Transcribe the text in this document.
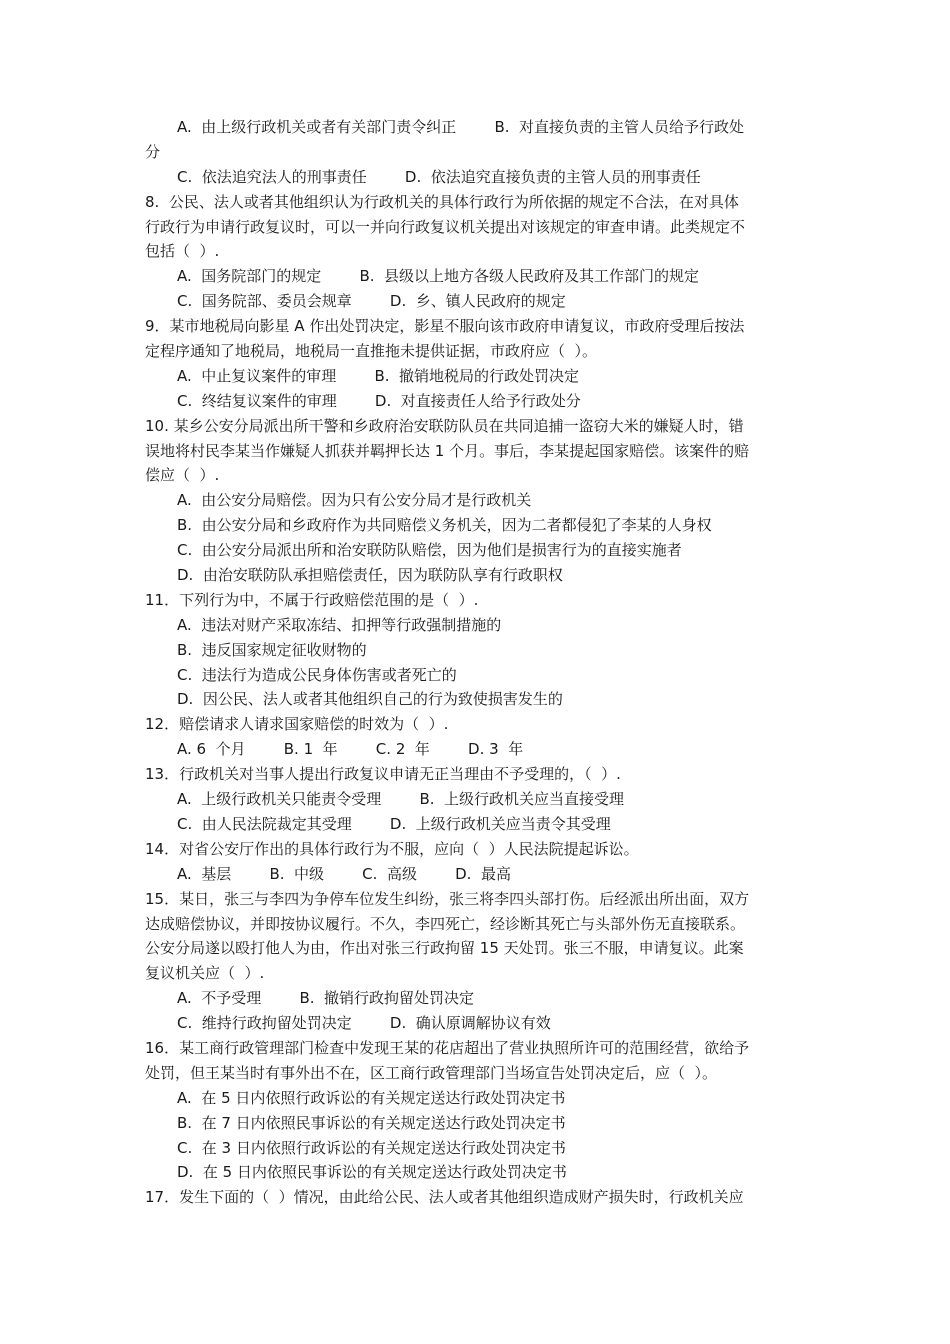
A.  由上级行政机关或者有关部门责令纠正        B.  对直接负责的主管人员给予行政处
分
C.  依法追究法人的刑事责任        D.  依法追究直接负责的主管人员的刑事责任
8.  公民、法人或者其他组织认为行政机关的具体行政行为所依据的规定不合法，在对具体
行政行为申请行政复议时，可以一并向行政复议机关提出对该规定的审查申请。此类规定不
包括（  ）.
A.  国务院部门的规定        B.  县级以上地方各级人民政府及其工作部门的规定
C.  国务院部、委员会规章        D.  乡、镇人民政府的规定
9．某市地税局向影星 A 作出处罚决定，影星不服向该市政府申请复议，市政府受理后按法
定程序通知了地税局，地税局一直推拖未提供证据，市政府应（  ）。
A.  中止复议案件的审理        B.  撤销地税局的行政处罚决定
C.  终结复议案件的审理        D.  对直接责任人给予行政处分
10. 某乡公安分局派出所干警和乡政府治安联防队员在共同追捕一盗窃大米的嫌疑人时，错
误地将村民李某当作嫌疑人抓获并羁押长达 1 个月。事后，李某提起国家赔偿。该案件的赔
偿应（  ）.
A.  由公安分局赔偿。因为只有公安分局才是行政机关
B.  由公安分局和乡政府作为共同赔偿义务机关，因为二者都侵犯了李某的人身权
C.  由公安分局派出所和治安联防队赔偿，因为他们是损害行为的直接实施者
D.  由治安联防队承担赔偿责任，因为联防队享有行政职权
11．下列行为中，不属于行政赔偿范围的是（  ）.
A.  违法对财产采取冻结、扣押等行政强制措施的
B.  违反国家规定征收财物的
C.  违法行为造成公民身体伤害或者死亡的
D.  因公民、法人或者其他组织自己的行为致使损害发生的
12．赔偿请求人请求国家赔偿的时效为（  ）.
A. 6  个月        B. 1  年        C. 2  年        D. 3  年
13．行政机关对当事人提出行政复议申请无正当理由不予受理的，（  ）.
A.  上级行政机关只能责令受理        B.  上级行政机关应当直接受理
C.  由人民法院裁定其受理        D.  上级行政机关应当责令其受理
14．对省公安厅作出的具体行政行为不服，应向（  ）人民法院提起诉讼。
A.  基层        B.  中级        C.  高级        D.  最高
15．某日，张三与李四为争停车位发生纠纷，张三将李四头部打伤。后经派出所出面，双方
达成赔偿协议，并即按协议履行。不久，李四死亡，经诊断其死亡与头部外伤无直接联系。
公安分局遂以殴打他人为由，作出对张三行政拘留 15 天处罚。张三不服，申请复议。此案
复议机关应（  ）.
A.  不予受理        B.  撤销行政拘留处罚决定
C.  维持行政拘留处罚决定        D.  确认原调解协议有效
16．某工商行政管理部门检查中发现王某的花店超出了营业执照所许可的范围经营，欲给予
处罚，但王某当时有事外出不在，区工商行政管理部门当场宣告处罚决定后，应（  ）。
A.  在 5 日内依照行政诉讼的有关规定送达行政处罚决定书
B.  在 7 日内依照民事诉讼的有关规定送达行政处罚决定书
C.  在 3 日内依照行政诉讼的有关规定送达行政处罚决定书
D.  在 5 日内依照民事诉讼的有关规定送达行政处罚决定书
17．发生下面的（  ）情况，由此给公民、法人或者其他组织造成财产损失时，行政机关应
